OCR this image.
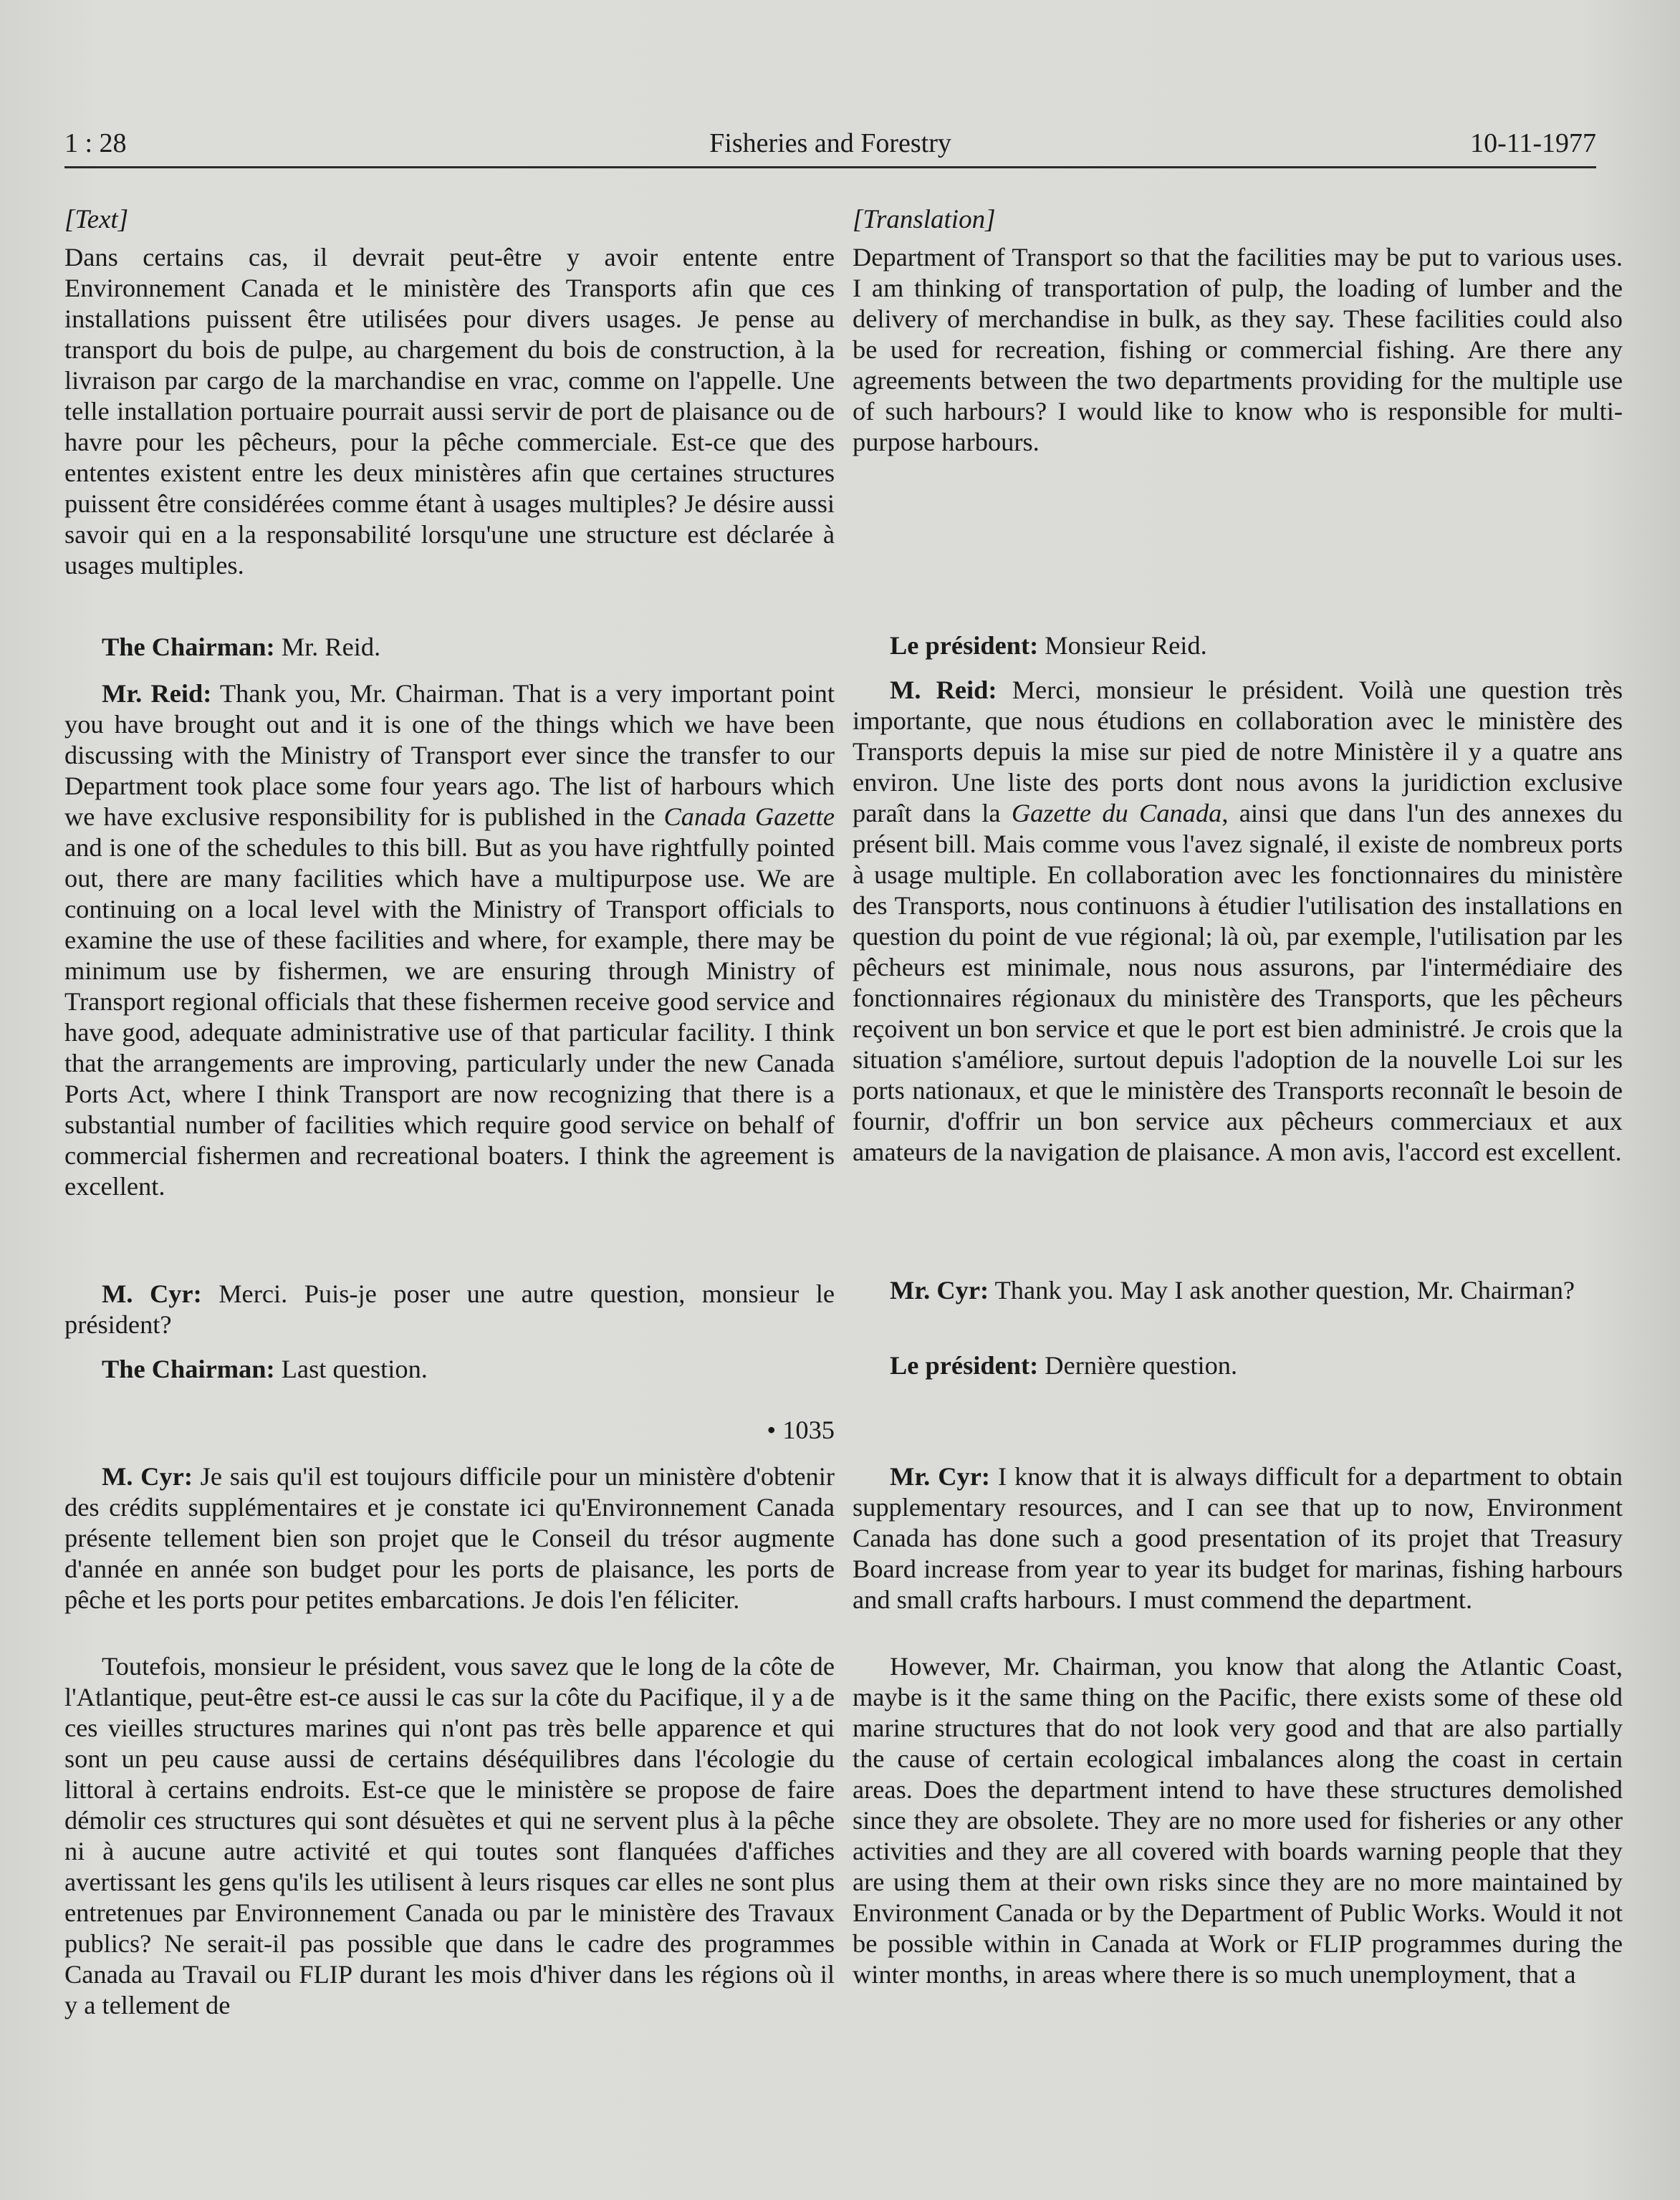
1 : 28	Fisheries and Forestry	10-11-1977

[Text]

Dans certains cas, il devrait peut-être y avoir entente entre Environnement Canada et le ministère des Transports afin que ces installations puissent être utilisées pour divers usages. Je pense au transport du bois de pulpe, au chargement du bois de construction, à la livraison par cargo de la marchandise en vrac, comme on l'appelle. Une telle installation portuaire pourrait aussi servir de port de plaisance ou de havre pour les pêcheurs, pour la pêche commerciale. Est-ce que des ententes existent entre les deux ministères afin que certaines structures puissent être considérées comme étant à usages multiples? Je désire aussi savoir qui en a la responsabilité lorsqu'une une structure est déclarée à usages multiples.

The Chairman: Mr. Reid.

Mr. Reid: Thank you, Mr. Chairman. That is a very important point you have brought out and it is one of the things which we have been discussing with the Ministry of Transport ever since the transfer to our Department took place some four years ago. The list of harbours which we have exclusive responsibility for is published in the Canada Gazette and is one of the schedules to this bill. But as you have rightfully pointed out, there are many facilities which have a multipurpose use. We are continuing on a local level with the Ministry of Transport officials to examine the use of these facilities and where, for example, there may be minimum use by fishermen, we are ensuring through Ministry of Transport regional officials that these fishermen receive good service and have good, adequate administrative use of that particular facility. I think that the arrangements are improving, particularly under the new Canada Ports Act, where I think Transport are now recognizing that there is a substantial number of facilities which require good service on behalf of commercial fishermen and recreational boaters. I think the agreement is excellent.

M. Cyr: Merci. Puis-je poser une autre question, monsieur le président?

The Chairman: Last question.

• 1035

M. Cyr: Je sais qu'il est toujours difficile pour un ministère d'obtenir des crédits supplémentaires et je constate ici qu'Environnement Canada présente tellement bien son projet que le Conseil du trésor augmente d'année en année son budget pour les ports de plaisance, les ports de pêche et les ports pour petites embarcations. Je dois l'en féliciter.

Toutefois, monsieur le président, vous savez que le long de la côte de l'Atlantique, peut-être est-ce aussi le cas sur la côte du Pacifique, il y a de ces vieilles structures marines qui n'ont pas très belle apparence et qui sont un peu cause aussi de certains déséquilibres dans l'écologie du littoral à certains endroits. Est-ce que le ministère se propose de faire démolir ces structures qui sont désuètes et qui ne servent plus à la pêche ni à aucune autre activité et qui toutes sont flanquées d'affiches avertissant les gens qu'ils les utilisent à leurs risques car elles ne sont plus entretenues par Environnement Canada ou par le ministère des Travaux publics? Ne serait-il pas possible que dans le cadre des programmes Canada au Travail ou FLIP durant les mois d'hiver dans les régions où il y a tellement de

[Translation]

Department of Transport so that the facilities may be put to various uses. I am thinking of transportation of pulp, the loading of lumber and the delivery of merchandise in bulk, as they say. These facilities could also be used for recreation, fishing or commercial fishing. Are there any agreements between the two departments providing for the multiple use of such harbours? I would like to know who is responsible for multi-purpose harbours.

Le président: Monsieur Reid.

M. Reid: Merci, monsieur le président. Voilà une question très importante, que nous étudions en collaboration avec le ministère des Transports depuis la mise sur pied de notre Ministère il y a quatre ans environ. Une liste des ports dont nous avons la juridiction exclusive paraît dans la Gazette du Canada, ainsi que dans l'un des annexes du présent bill. Mais comme vous l'avez signalé, il existe de nombreux ports à usage multiple. En collaboration avec les fonctionnaires du ministère des Transports, nous continuons à étudier l'utilisation des installations en question du point de vue régional; là où, par exemple, l'utilisation par les pêcheurs est minimale, nous nous assurons, par l'intermédiaire des fonctionnaires régionaux du ministère des Transports, que les pêcheurs reçoivent un bon service et que le port est bien administré. Je crois que la situation s'améliore, surtout depuis l'adoption de la nouvelle Loi sur les ports nationaux, et que le ministère des Transports reconnaît le besoin de fournir, d'offrir un bon service aux pêcheurs commerciaux et aux amateurs de la navigation de plaisance. A mon avis, l'accord est excellent.

Mr. Cyr: Thank you. May I ask another question, Mr. Chairman?

Le président: Dernière question.

Mr. Cyr: I know that it is always difficult for a department to obtain supplementary resources, and I can see that up to now, Environment Canada has done such a good presentation of its projet that Treasury Board increase from year to year its budget for marinas, fishing harbours and small crafts harbours. I must commend the department.

However, Mr. Chairman, you know that along the Atlantic Coast, maybe is it the same thing on the Pacific, there exists some of these old marine structures that do not look very good and that are also partially the cause of certain ecological imbalances along the coast in certain areas. Does the department intend to have these structures demolished since they are obsolete. They are no more used for fisheries or any other activities and they are all covered with boards warning people that they are using them at their own risks since they are no more maintained by Environment Canada or by the Department of Public Works. Would it not be possible within in Canada at Work or FLIP programmes during the winter months, in areas where there is so much unemployment, that a
